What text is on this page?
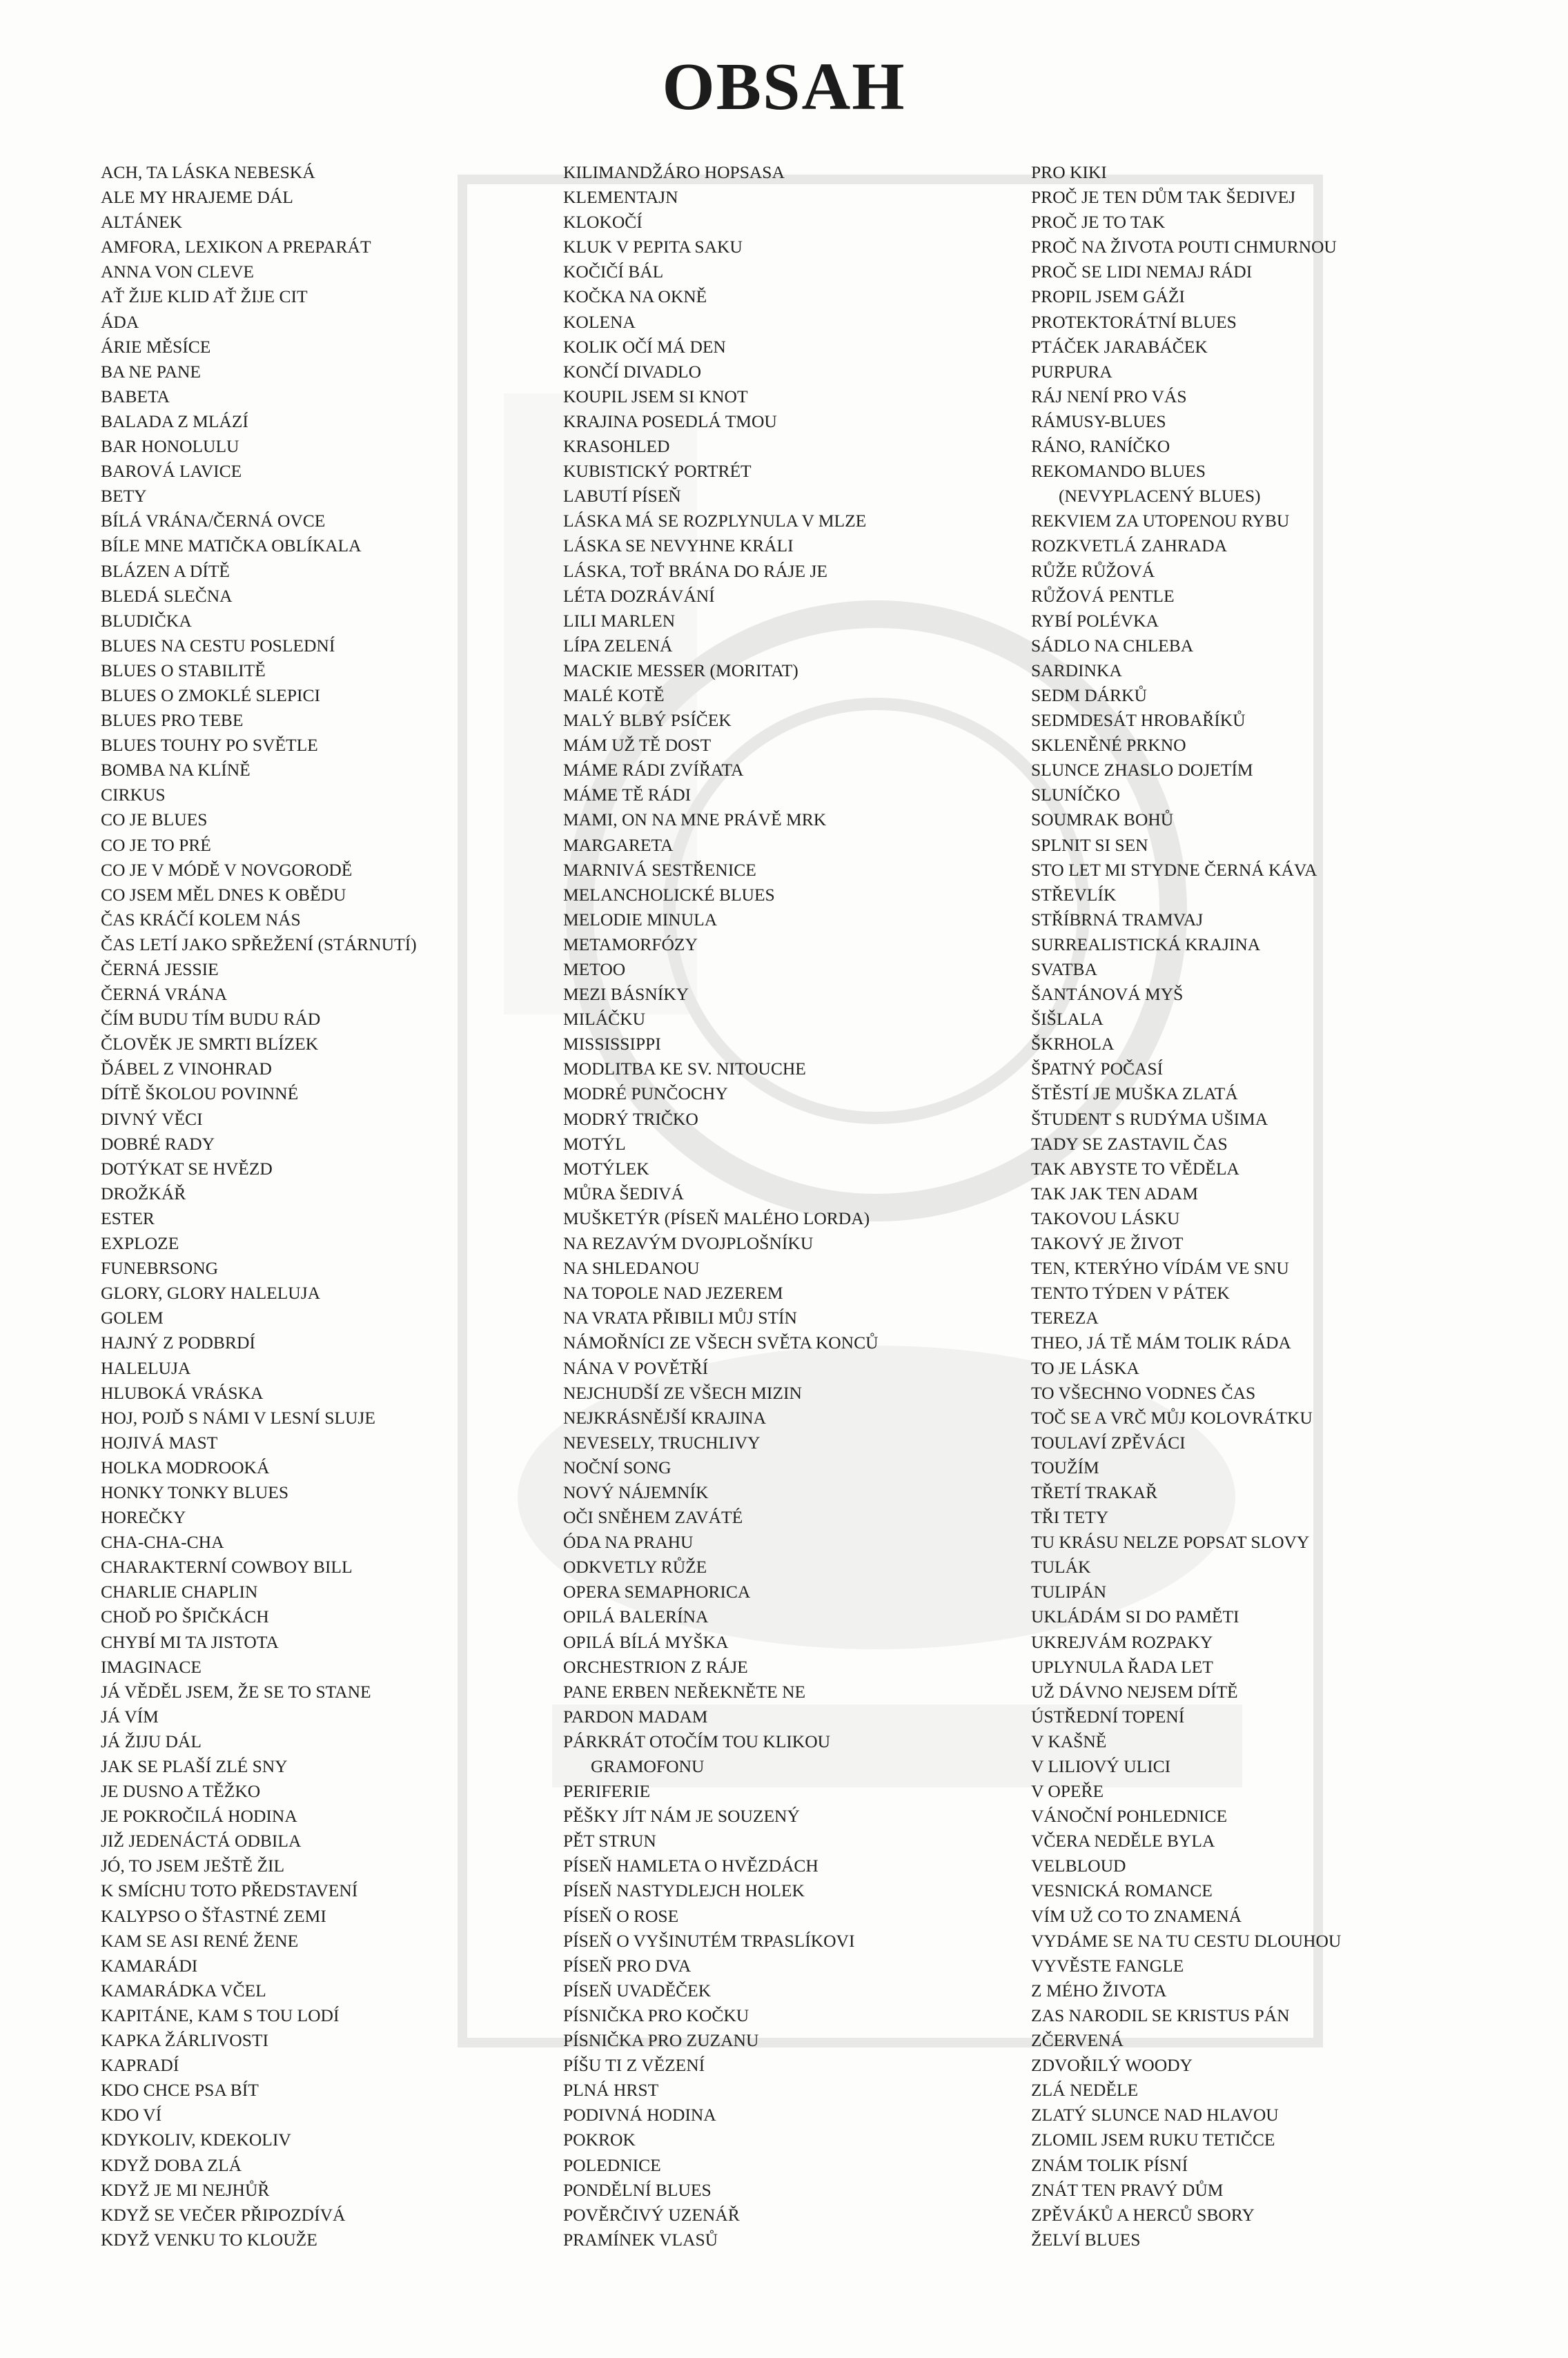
OBSAH
ACH, TA LÁSKA NEBESKÁ
ALE MY HRAJEME DÁL
ALTÁNEK
AMFORA, LEXIKON A PREPARÁT
ANNA VON CLEVE
AŤ ŽIJE KLID AŤ ŽIJE CIT
ÁDA
ÁRIE MĚSÍCE
BA NE PANE
BABETA
BALADA Z MLÁZÍ
BAR HONOLULU
BAROVÁ LAVICE
BETY
BÍLÁ VRÁNA/ČERNÁ OVCE
BÍLE MNE MATIČKA OBLÍKALA
BLÁZEN A DÍTĚ
BLEDÁ SLEČNA
BLUDIČKA
BLUES NA CESTU POSLEDNÍ
BLUES O STABILITĚ
BLUES O ZMOKLÉ SLEPICI
BLUES PRO TEBE
BLUES TOUHY PO SVĚTLE
BOMBA NA KLÍNĚ
CIRKUS
CO JE BLUES
CO JE TO PRÉ
CO JE V MÓDĚ V NOVGORODĚ
CO JSEM MĚL DNES K OBĚDU
ČAS KRÁČÍ KOLEM NÁS
ČAS LETÍ JAKO SPŘEŽENÍ (STÁRNUTÍ)
ČERNÁ JESSIE
ČERNÁ VRÁNA
ČÍM BUDU TÍM BUDU RÁD
ČLOVĚK JE SMRTI BLÍZEK
ĎÁBEL Z VINOHRAD
DÍTĚ ŠKOLOU POVINNÉ
DIVNÝ VĚCI
DOBRÉ RADY
DOTÝKAT SE HVĚZD
DROŽKÁŘ
ESTER
EXPLOZE
FUNEBRSONG
GLORY, GLORY HALELUJA
GOLEM
HAJNÝ Z PODBRDÍ
HALELUJA
HLUBOKÁ VRÁSKA
HOJ, POJĎ S NÁMI V LESNÍ SLUJE
HOJIVÁ MAST
HOLKA MODROOKÁ
HONKY TONKY BLUES
HOREČKY
CHA-CHA-CHA
CHARAKTERNÍ COWBOY BILL
CHARLIE CHAPLIN
CHOĎ PO ŠPIČKÁCH
CHYBÍ MI TA JISTOTA
IMAGINACE
JÁ VĚDĚL JSEM, ŽE SE TO STANE
JÁ VÍM
JÁ ŽIJU DÁL
JAK SE PLAŠÍ ZLÉ SNY
JE DUSNO A TĚŽKO
JE POKROČILÁ HODINA
JIŽ JEDENÁCTÁ ODBILA
JÓ, TO JSEM JEŠTĚ ŽIL
K SMÍCHU TOTO PŘEDSTAVENÍ
KALYPSO O ŠŤASTNÉ ZEMI
KAM SE ASI RENÉ ŽENE
KAMARÁDI
KAMARÁDKA VČEL
KAPITÁNE, KAM S TOU LODÍ
KAPKA ŽÁRLIVOSTI
KAPRADÍ
KDO CHCE PSA BÍT
KDO VÍ
KDYKOLIV, KDEKOLIV
KDYŽ DOBA ZLÁ
KDYŽ JE MI NEJHŮŘ
KDYŽ SE VEČER PŘIPOZDÍVÁ
KDYŽ VENKU TO KLOUŽE
KILIMANDŽÁRO HOPSASA
KLEMENTAJN
KLOKOČÍ
KLUK V PEPITA SAKU
KOČIČÍ BÁL
KOČKA NA OKNĚ
KOLENA
KOLIK OČÍ MÁ DEN
KONČÍ DIVADLO
KOUPIL JSEM SI KNOT
KRAJINA POSEDLÁ TMOU
KRASOHLED
KUBISTICKÝ PORTRÉT
LABUTÍ PÍSEŇ
LÁSKA MÁ SE ROZPLYNULA V MLZE
LÁSKA SE NEVYHNE KRÁLI
LÁSKA, TOŤ BRÁNA DO RÁJE JE
LÉTA DOZRÁVÁNÍ
LILI MARLEN
LÍPA ZELENÁ
MACKIE MESSER (MORITAT)
MALÉ KOTĚ
MALÝ BLBÝ PSÍČEK
MÁM UŽ TĚ DOST
MÁME RÁDI ZVÍŘATA
MÁME TĚ RÁDI
MAMI, ON NA MNE PRÁVĚ MRK
MARGARETA
MARNIVÁ SESTŘENICE
MELANCHOLICKÉ BLUES
MELODIE MINULA
METAMORFÓZY
METOO
MEZI BÁSNÍKY
MILÁČKU
MISSISSIPPI
MODLITBA KE SV. NITOUCHE
MODRÉ PUNČOCHY
MODRÝ TRIČKO
MOTÝL
MOTÝLEK
MŮRA ŠEDIVÁ
MUŠKETÝR (PÍSEŇ MALÉHO LORDA)
NA REZAVÝM DVOJPLOŠNÍKU
NA SHLEDANOU
NA TOPOLE NAD JEZEREM
NA VRATA PŘIBILI MŮJ STÍN
NÁMOŘNÍCI ZE VŠECH SVĚTA KONCŮ
NÁNA V POVĚTŘÍ
NEJCHUDŠÍ ZE VŠECH MIZIN
NEJKRÁSNĚJŠÍ KRAJINA
NEVESELY, TRUCHLIVY
NOČNÍ SONG
NOVÝ NÁJEMNÍK
OČI SNĚHEM ZAVÁTÉ
ÓDA NA PRAHU
ODKVETLY RŮŽE
OPERA SEMAPHORICA
OPILÁ BALERÍNA
OPILÁ BÍLÁ MYŠKA
ORCHESTRION Z RÁJE
PANE ERBEN NEŘEKNĚTE NE
PARDON MADAM
PÁRKRÁT OTOČÍM TOU KLIKOU
GRAMOFONU
PERIFERIE
PĚŠKY JÍT NÁM JE SOUZENÝ
PĚT STRUN
PÍSEŇ HAMLETA O HVĚZDÁCH
PÍSEŇ NASTYDLEJCH HOLEK
PÍSEŇ O ROSE
PÍSEŇ O VYŠINUTÉM TRPASLÍKOVI
PÍSEŇ PRO DVA
PÍSEŇ UVADĚČEK
PÍSNIČKA PRO KOČKU
PÍSNIČKA PRO ZUZANU
PÍŠU TI Z VĚZENÍ
PLNÁ HRST
PODIVNÁ HODINA
POKROK
POLEDNICE
PONDĚLNÍ BLUES
POVĚRČIVÝ UZENÁŘ
PRAMÍNEK VLASŮ
PRO KIKI
PROČ JE TEN DŮM TAK ŠEDIVEJ
PROČ JE TO TAK
PROČ NA ŽIVOTA POUTI CHMURNOU
PROČ SE LIDI NEMAJ RÁDI
PROPIL JSEM GÁŽI
PROTEKTORÁTNÍ BLUES
PTÁČEK JARABÁČEK
PURPURA
RÁJ NENÍ PRO VÁS
RÁMUSY-BLUES
RÁNO, RANÍČKO
REKOMANDO BLUES
(NEVYPLACENÝ BLUES)
REKVIEM ZA UTOPENOU RYBU
ROZKVETLÁ ZAHRADA
RŮŽE RŮŽOVÁ
RŮŽOVÁ PENTLE
RYBÍ POLÉVKA
SÁDLO NA CHLEBA
SARDINKA
SEDM DÁRKŮ
SEDMDESÁT HROBAŘÍKŮ
SKLENĚNÉ PRKNO
SLUNCE ZHASLO DOJETÍM
SLUNÍČKO
SOUMRAK BOHŮ
SPLNIT SI SEN
STO LET MI STYDNE ČERNÁ KÁVA
STŘEVLÍK
STŘÍBRNÁ TRAMVAJ
SURREALISTICKÁ KRAJINA
SVATBA
ŠANTÁNOVÁ MYŠ
ŠIŠLALA
ŠKRHOLA
ŠPATNÝ POČASÍ
ŠTĚSTÍ JE MUŠKA ZLATÁ
ŠTUDENT S RUDÝMA UŠIMA
TADY SE ZASTAVIL ČAS
TAK ABYSTE TO VĚDĚLA
TAK JAK TEN ADAM
TAKOVOU LÁSKU
TAKOVÝ JE ŽIVOT
TEN, KTERÝHO VÍDÁM VE SNU
TENTO TÝDEN V PÁTEK
TEREZA
THEO, JÁ TĚ MÁM TOLIK RÁDA
TO JE LÁSKA
TO VŠECHNO VODNES ČAS
TOČ SE A VRČ MŮJ KOLOVRÁTKU
TOULAVÍ ZPĚVÁCI
TOUŽÍM
TŘETÍ TRAKAŘ
TŘI TETY
TU KRÁSU NELZE POPSAT SLOVY
TULÁK
TULIPÁN
UKLÁDÁM SI DO PAMĚTI
UKREJVÁM ROZPAKY
UPLYNULA ŘADA LET
UŽ DÁVNO NEJSEM DÍTĚ
ÚSTŘEDNÍ TOPENÍ
V KAŠNĚ
V LILIOVÝ ULICI
V OPEŘE
VÁNOČNÍ POHLEDNICE
VČERA NEDĚLE BYLA
VELBLOUD
VESNICKÁ ROMANCE
VÍM UŽ CO TO ZNAMENÁ
VYDÁME SE NA TU CESTU DLOUHOU
VYVĚSTE FANGLE
Z MÉHO ŽIVOTA
ZAS NARODIL SE KRISTUS PÁN
ZČERVENÁ
ZDVOŘILÝ WOODY
ZLÁ NEDĚLE
ZLATÝ SLUNCE NAD HLAVOU
ZLOMIL JSEM RUKU TETIČCE
ZNÁM TOLIK PÍSNÍ
ZNÁT TEN PRAVÝ DŮM
ZPĚVÁKŮ A HERCŮ SBORY
ŽELVÍ BLUES
